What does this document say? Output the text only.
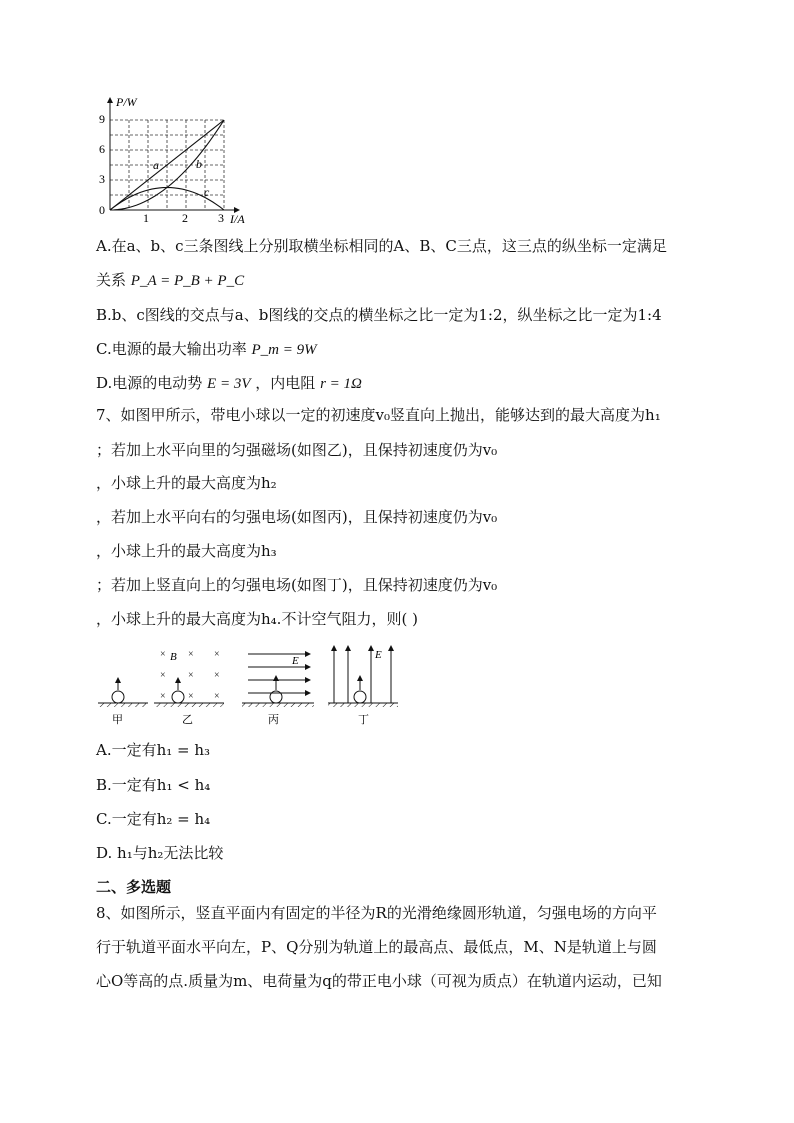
P/W
I/A
9
6
3
0
1	2	3
a	b
c
A.在a、b、c三条图线上分别取横坐标相同的A、B、C三点，这三点的纵坐标一定满足
关系 P_A = P_B + P_C
B.b、c图线的交点与a、b图线的交点的横坐标之比一定为1:2，纵坐标之比一定为1:4
C.电源的最大输出功率 P_m = 9W
D.电源的电动势 E = 3V ，内电阻 r = 1Ω
7、如图甲所示，带电小球以一定的初速度v₀竖直向上抛出，能够达到的最大高度为h₁
；若加上水平向里的匀强磁场(如图乙)，且保持初速度仍为v₀
，小球上升的最大高度为h₂
，若加上水平向右的匀强电场(如图丙)，且保持初速度仍为v₀
，小球上升的最大高度为h₃
；若加上竖直向上的匀强电场(如图丁)，且保持初速度仍为v₀
，小球上升的最大高度为h₄.不计空气阻力，则( )
甲
× × ×
× × ×
× × ×
B
乙
E
丙
E
丁
A.一定有h₁ = h₃
B.一定有h₁ < h₄
C.一定有h₂ = h₄
D. h₁与h₂无法比较
二、多选题
8、如图所示，竖直平面内有固定的半径为R的光滑绝缘圆形轨道，匀强电场的方向平
行于轨道平面水平向左，P、Q分别为轨道上的最高点、最低点，M、N是轨道上与圆
心O等高的点.质量为m、电荷量为q的带正电小球（可视为质点）在轨道内运动，已知
